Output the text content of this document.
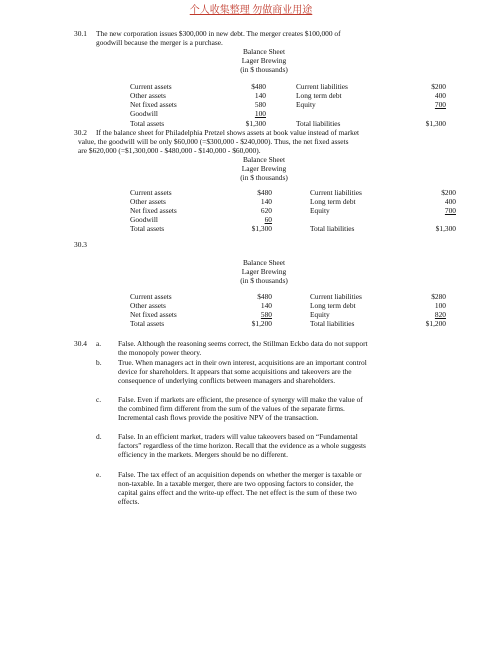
个人收集整理 勿做商业用途
30.1 The new corporation issues $300,000 in new debt. The merger creates $100,000 of
goodwill because the merger is a purchase.
Balance Sheet
Lager Brewing
(in $ thousands)
Current assets	$480	Current liabilities	$200
Other assets	140	Long term debt	400
Net fixed assets	580	Equity	700
Goodwill	100
Total assets	$1,300	Total liabilities	$1,300
30.2 If the balance sheet for Philadelphia Pretzel shows assets at book value instead of market
value, the goodwill will be only $60,000 (=$300,000 - $240,000). Thus, the net fixed assets
are $620,000 (=$1,300,000 - $480,000 - $140,000 - $60,000).
Balance Sheet
Lager Brewing
(in $ thousands)
Current assets	$480	Current liabilities	$200
Other assets	140	Long term debt	400
Net fixed assets	620	Equity	700
Goodwill	60
Total assets	$1,300	Total liabilities	$1,300
30.3
Balance Sheet
Lager Brewing
(in $ thousands)
Current assets	$480	Current liabilities	$280
Other assets	140	Long term debt	100
Net fixed assets	580	Equity	820
Total assets	$1,200	Total liabilities	$1,200
30.4 a. False. Although the reasoning seems correct, the Stillman Eckbo data do not support
the monopoly power theory.
b. True. When managers act in their own interest, acquisitions are an important control
device for shareholders. It appears that some acquisitions and takeovers are the
consequence of underlying conflicts between managers and shareholders.
c. False. Even if markets are efficient, the presence of synergy will make the value of
the combined firm different from the sum of the values of the separate firms.
Incremental cash flows provide the positive NPV of the transaction.
d. False. In an efficient market, traders will value takeovers based on “Fundamental
factors” regardless of the time horizon. Recall that the evidence as a whole suggests
efficiency in the markets. Mergers should be no different.
e. False. The tax effect of an acquisition depends on whether the merger is taxable or
non-taxable. In a taxable merger, there are two opposing factors to consider, the
capital gains effect and the write-up effect. The net effect is the sum of these two
effects.
